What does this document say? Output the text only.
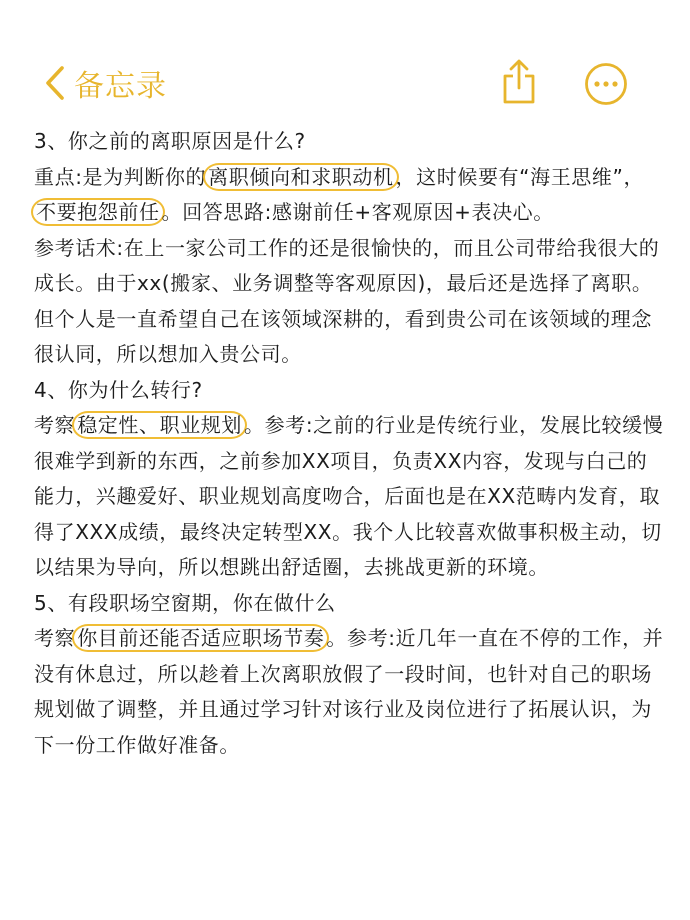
备忘录

3、你之前的离职原因是什么?

重点:是为判断你的 离职倾向和求职动机 ，这时候要有“海王思维”，不要抱怨前任 。回答思路:感谢前任+客观原因+表决心。

参考话术:在上一家公司工作的还是很愉快的，而且公司带给我很大的成长。由于xx(搬家、业务调整等客观原因)，最后还是选择了离职。但个人是一直希望自己在该领域深耕的，看到贵公司在该领域的理念很认同，所以想加入贵公司。

4、你为什么转行?

考察 稳定性、职业规划 。参考:之前的行业是传统行业，发展比较缓慢很难学到新的东西，之前参加XX项目，负责XX内容，发现与白己的能力，兴趣爱好、职业规划高度吻合，后面也是在XX范畴内发育，取得了XXX成绩，最终决定转型XX。我个人比较喜欢做事积极主动，切以结果为导向，所以想跳出舒适圈，去挑战更新的环境。

5、有段职场空窗期，你在做什么

考察 你目前还能否适应职场节奏 。参考:近几年一直在不停的工作，并没有休息过，所以趁着上次离职放假了一段时间，也针对自己的职场规划做了调整，并且通过学习针对该行业及岗位进行了拓展认识，为下一份工作做好准备。
